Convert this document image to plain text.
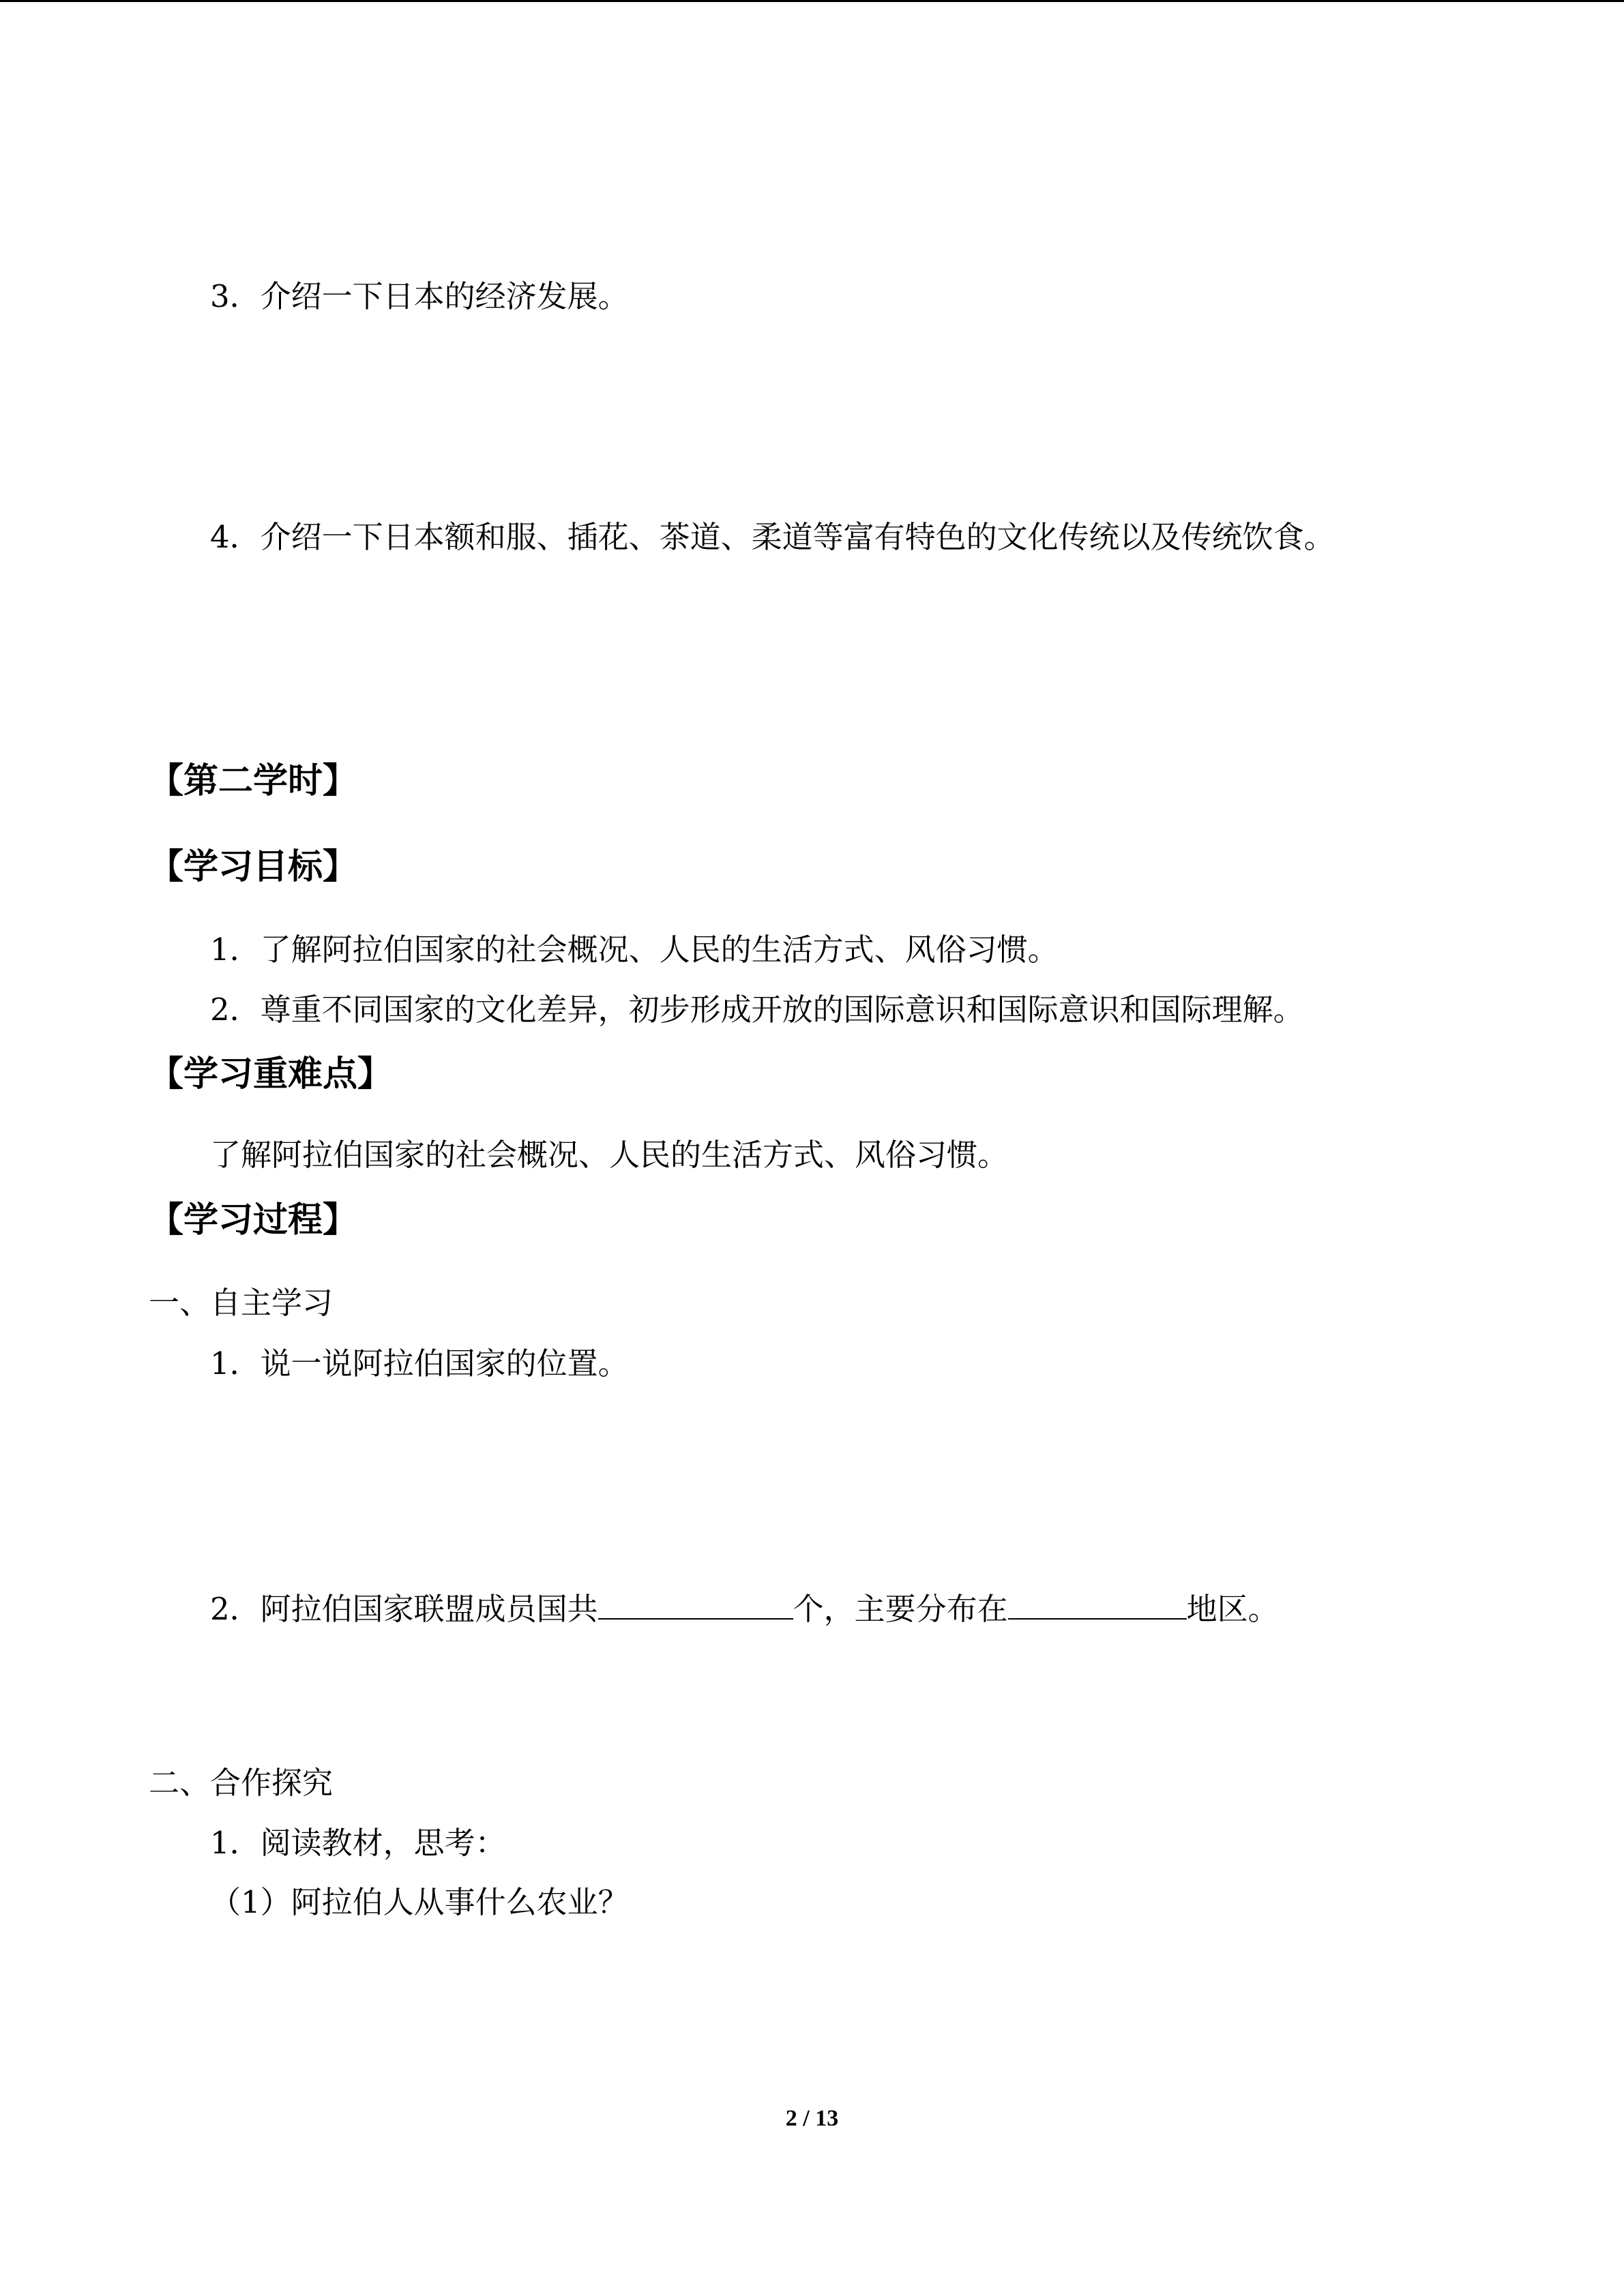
3．介绍一下日本的经济发展。
4．介绍一下日本额和服、插花、茶道、柔道等富有特色的文化传统以及传统饮食。
【第二学时】
【学习目标】
1．了解阿拉伯国家的社会概况、人民的生活方式、风俗习惯。
2．尊重不同国家的文化差异，初步形成开放的国际意识和国际意识和国际理解。
【学习重难点】
了解阿拉伯国家的社会概况、人民的生活方式、风俗习惯。
【学习过程】
一、自主学习
1．说一说阿拉伯国家的位置。
2．阿拉伯国家联盟成员国共	个，主要分布在	地区。
二、合作探究
1．阅读教材，思考：
（1）阿拉伯人从事什么农业？
2 / 13
